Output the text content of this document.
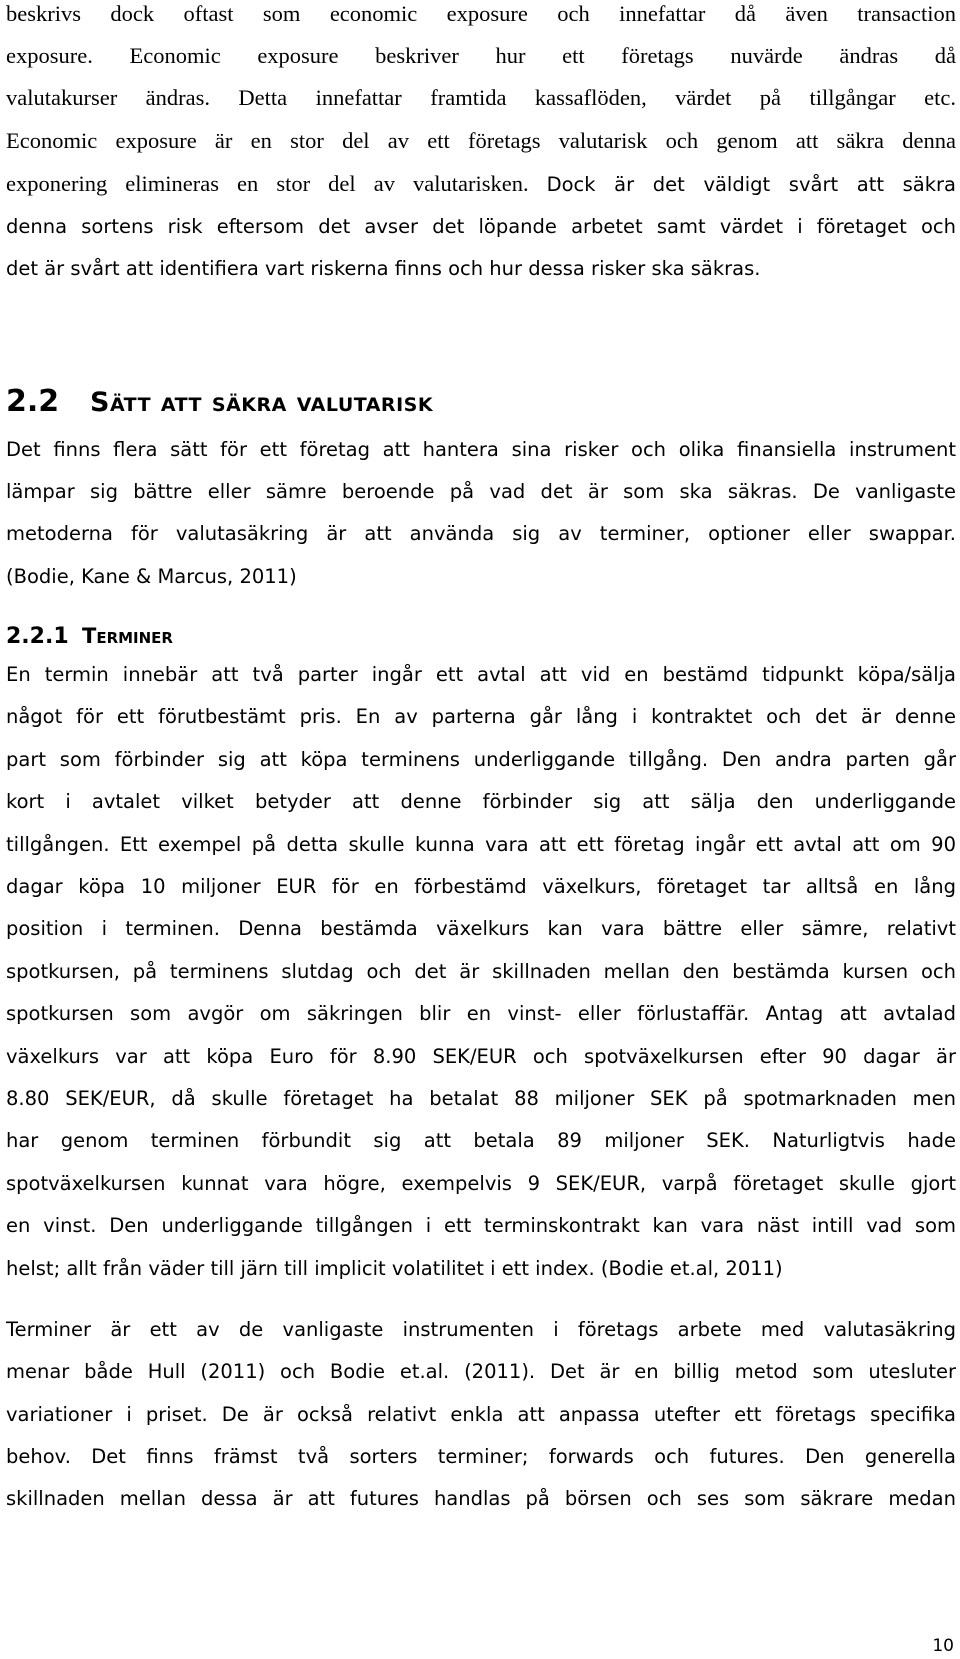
beskrivs dock oftast som economic exposure och innefattar då även transaction
exposure. Economic exposure beskriver hur ett företags nuvärde ändras då
valutakurser ändras. Detta innefattar framtida kassaflöden, värdet på tillgångar etc.
Economic exposure är en stor del av ett företags valutarisk och genom att säkra denna
exponering elimineras en stor del av valutarisken. Dock är det väldigt svårt att säkra
denna sortens risk eftersom det avser det löpande arbetet samt värdet i företaget och
det är svårt att identifiera vart riskerna finns och hur dessa risker ska säkras.
2.2 Sätt att säkra valutarisk
Det finns flera sätt för ett företag att hantera sina risker och olika finansiella instrument
lämpar sig bättre eller sämre beroende på vad det är som ska säkras. De vanligaste
metoderna för valutasäkring är att använda sig av terminer, optioner eller swappar.
(Bodie, Kane & Marcus, 2011)
2.2.1 Terminer
En termin innebär att två parter ingår ett avtal att vid en bestämd tidpunkt köpa/sälja
något för ett förutbestämt pris. En av parterna går lång i kontraktet och det är denne
part som förbinder sig att köpa terminens underliggande tillgång. Den andra parten går
kort i avtalet vilket betyder att denne förbinder sig att sälja den underliggande
tillgången. Ett exempel på detta skulle kunna vara att ett företag ingår ett avtal att om 90
dagar köpa 10 miljoner EUR för en förbestämd växelkurs, företaget tar alltså en lång
position i terminen. Denna bestämda växelkurs kan vara bättre eller sämre, relativt
spotkursen, på terminens slutdag och det är skillnaden mellan den bestämda kursen och
spotkursen som avgör om säkringen blir en vinst- eller förlustaffär. Antag att avtalad
växelkurs var att köpa Euro för 8.90 SEK/EUR och spotväxelkursen efter 90 dagar är
8.80 SEK/EUR, då skulle företaget ha betalat 88 miljoner SEK på spotmarknaden men
har genom terminen förbundit sig att betala 89 miljoner SEK. Naturligtvis hade
spotväxelkursen kunnat vara högre, exempelvis 9 SEK/EUR, varpå företaget skulle gjort
en vinst. Den underliggande tillgången i ett terminskontrakt kan vara näst intill vad som
helst; allt från väder till järn till implicit volatilitet i ett index. (Bodie et.al, 2011)
Terminer är ett av de vanligaste instrumenten i företags arbete med valutasäkring
menar både Hull (2011) och Bodie et.al. (2011). Det är en billig metod som utesluter
variationer i priset. De är också relativt enkla att anpassa utefter ett företags specifika
behov. Det finns främst två sorters terminer; forwards och futures. Den generella
skillnaden mellan dessa är att futures handlas på börsen och ses som säkrare medan
10
